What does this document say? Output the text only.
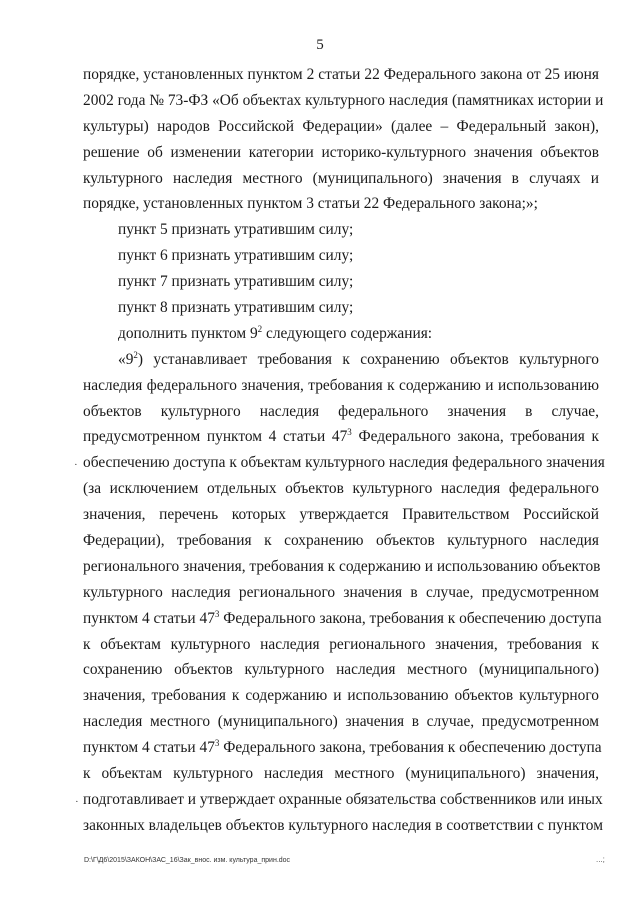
5
порядке, установленных пунктом 2 статьи 22 Федерального закона от 25 июня
2002 года № 73-ФЗ «Об объектах культурного наследия (памятниках истории и
культуры) народов Российской Федерации» (далее – Федеральный закон),
решение об изменении категории историко-культурного значения объектов
культурного наследия местного (муниципального) значения в случаях и
порядке, установленных пунктом 3 статьи 22 Федерального закона;»;
пункт 5 признать утратившим силу;
пункт 6 признать утратившим силу;
пункт 7 признать утратившим силу;
пункт 8 признать утратившим силу;
дополнить пунктом $9^2$ следующего содержания:
«$9^2$) устанавливает требования к сохранению объектов культурного
наследия федерального значения, требования к содержанию и использованию
объектов культурного наследия федерального значения в случае,
предусмотренном пунктом 4 статьи $47^3$ Федерального закона, требования к
обеспечению доступа к объектам культурного наследия федерального значения
(за исключением отдельных объектов культурного наследия федерального
значения, перечень которых утверждается Правительством Российской
Федерации), требования к сохранению объектов культурного наследия
регионального значения, требования к содержанию и использованию объектов
культурного наследия регионального значения в случае, предусмотренном
пунктом 4 статьи $47^3$ Федерального закона, требования к обеспечению доступа
к объектам культурного наследия регионального значения, требования к
сохранению объектов культурного наследия местного (муниципального)
значения, требования к содержанию и использованию объектов культурного
наследия местного (муниципального) значения в случае, предусмотренном
пунктом 4 статьи $47^3$ Федерального закона, требования к обеспечению доступа
к объектам культурного наследия местного (муниципального) значения,
подготавливает и утверждает охранные обязательства собственников или иных
законных владельцев объектов культурного наследия в соответствии с пунктом
·
·
D:\Г\Д6\2015\ЗАКОН\ЗАС_16\Зак_внос. изм. культура_прин.doc	...;
